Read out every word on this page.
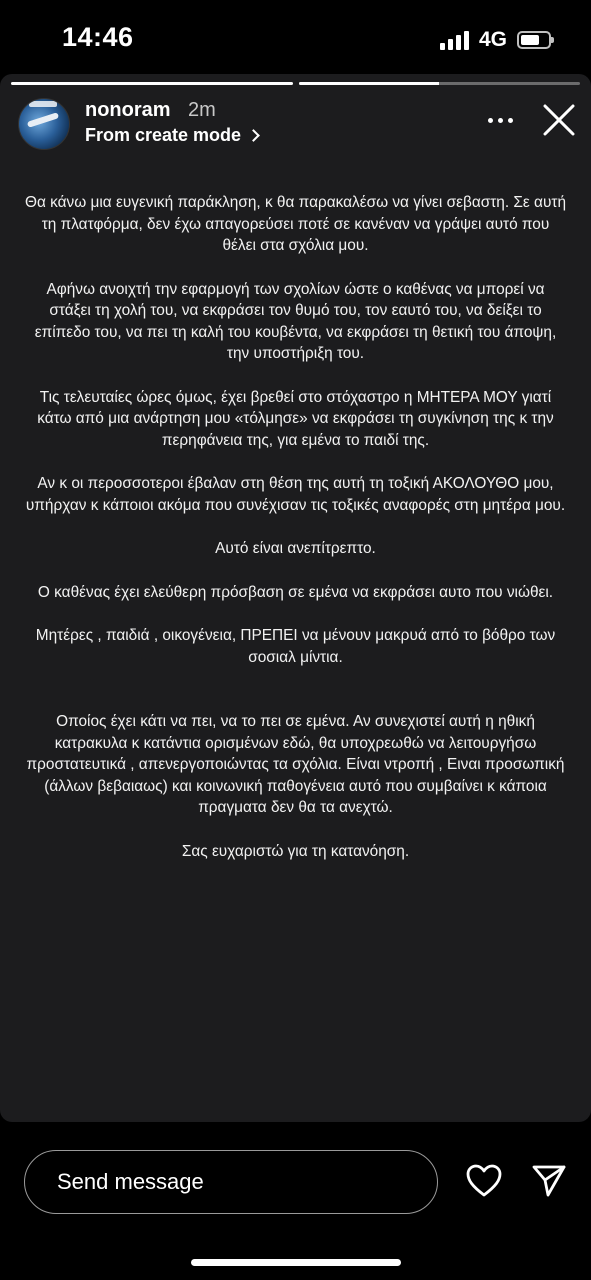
14:46	4G
nonoram 2m
From create mode

Θα κάνω μια ευγενική παράκληση, κ θα παρακαλέσω να γίνει σεβαστη. Σε αυτή τη πλατφόρμα, δεν έχω απαγορεύσει ποτέ σε κανέναν να γράψει αυτό που θέλει στα σχόλια μου.

Αφήνω ανοιχτή την εφαρμογή των σχολίων ώστε ο καθένας να μπορεί να στάξει τη χολή του, να εκφράσει τον θυμό του, τον εαυτό του, να δείξει το επίπεδο του, να πει τη καλή του κουβέντα, να εκφράσει τη θετική του άποψη, την υποστήριξη του.

Τις τελευταίες ώρες όμως, έχει βρεθεί στο στόχαστρο η ΜΗΤΕΡΑ ΜΟΥ γιατί κάτω από μια ανάρτηση μου «τόλμησε» να εκφράσει τη συγκίνηση της κ την περηφάνεια της, για εμένα το παιδί της.

Αν κ οι περοσσοτεροι έβαλαν στη θέση της αυτή τη τοξική ΑΚΟΛΟΥΘΟ μου, υπήρχαν κ κάποιοι ακόμα που συνέχισαν τις τοξικές αναφορές στη μητέρα μου.

Αυτό είναι ανεπίτρεπτο.

Ο καθένας έχει ελεύθερη πρόσβαση σε εμένα να εκφράσει αυτο που νιώθει.

Μητέρες , παιδιά , οικογένεια, ΠΡΕΠΕΙ να μένουν μακρυά από το βόθρο των σοσιαλ μίντια.

Οποίος έχει κάτι να πει, να το πει σε εμένα. Αν συνεχιστεί αυτή η ηθική κατρακυλα κ κατάντια ορισμένων εδώ, θα υποχρεωθώ να λειτουργήσω προστατευτικά , απενεργοποιώντας τα σχόλια. Είναι ντροπή , Ειναι προσωπική (άλλων βεβαιαως) και κοινωνική παθογένεια αυτό που συμβαίνει κ κάποια πραγματα δεν θα τα ανεχτώ.

Σας ευχαριστώ για τη κατανόηση.

Send message
